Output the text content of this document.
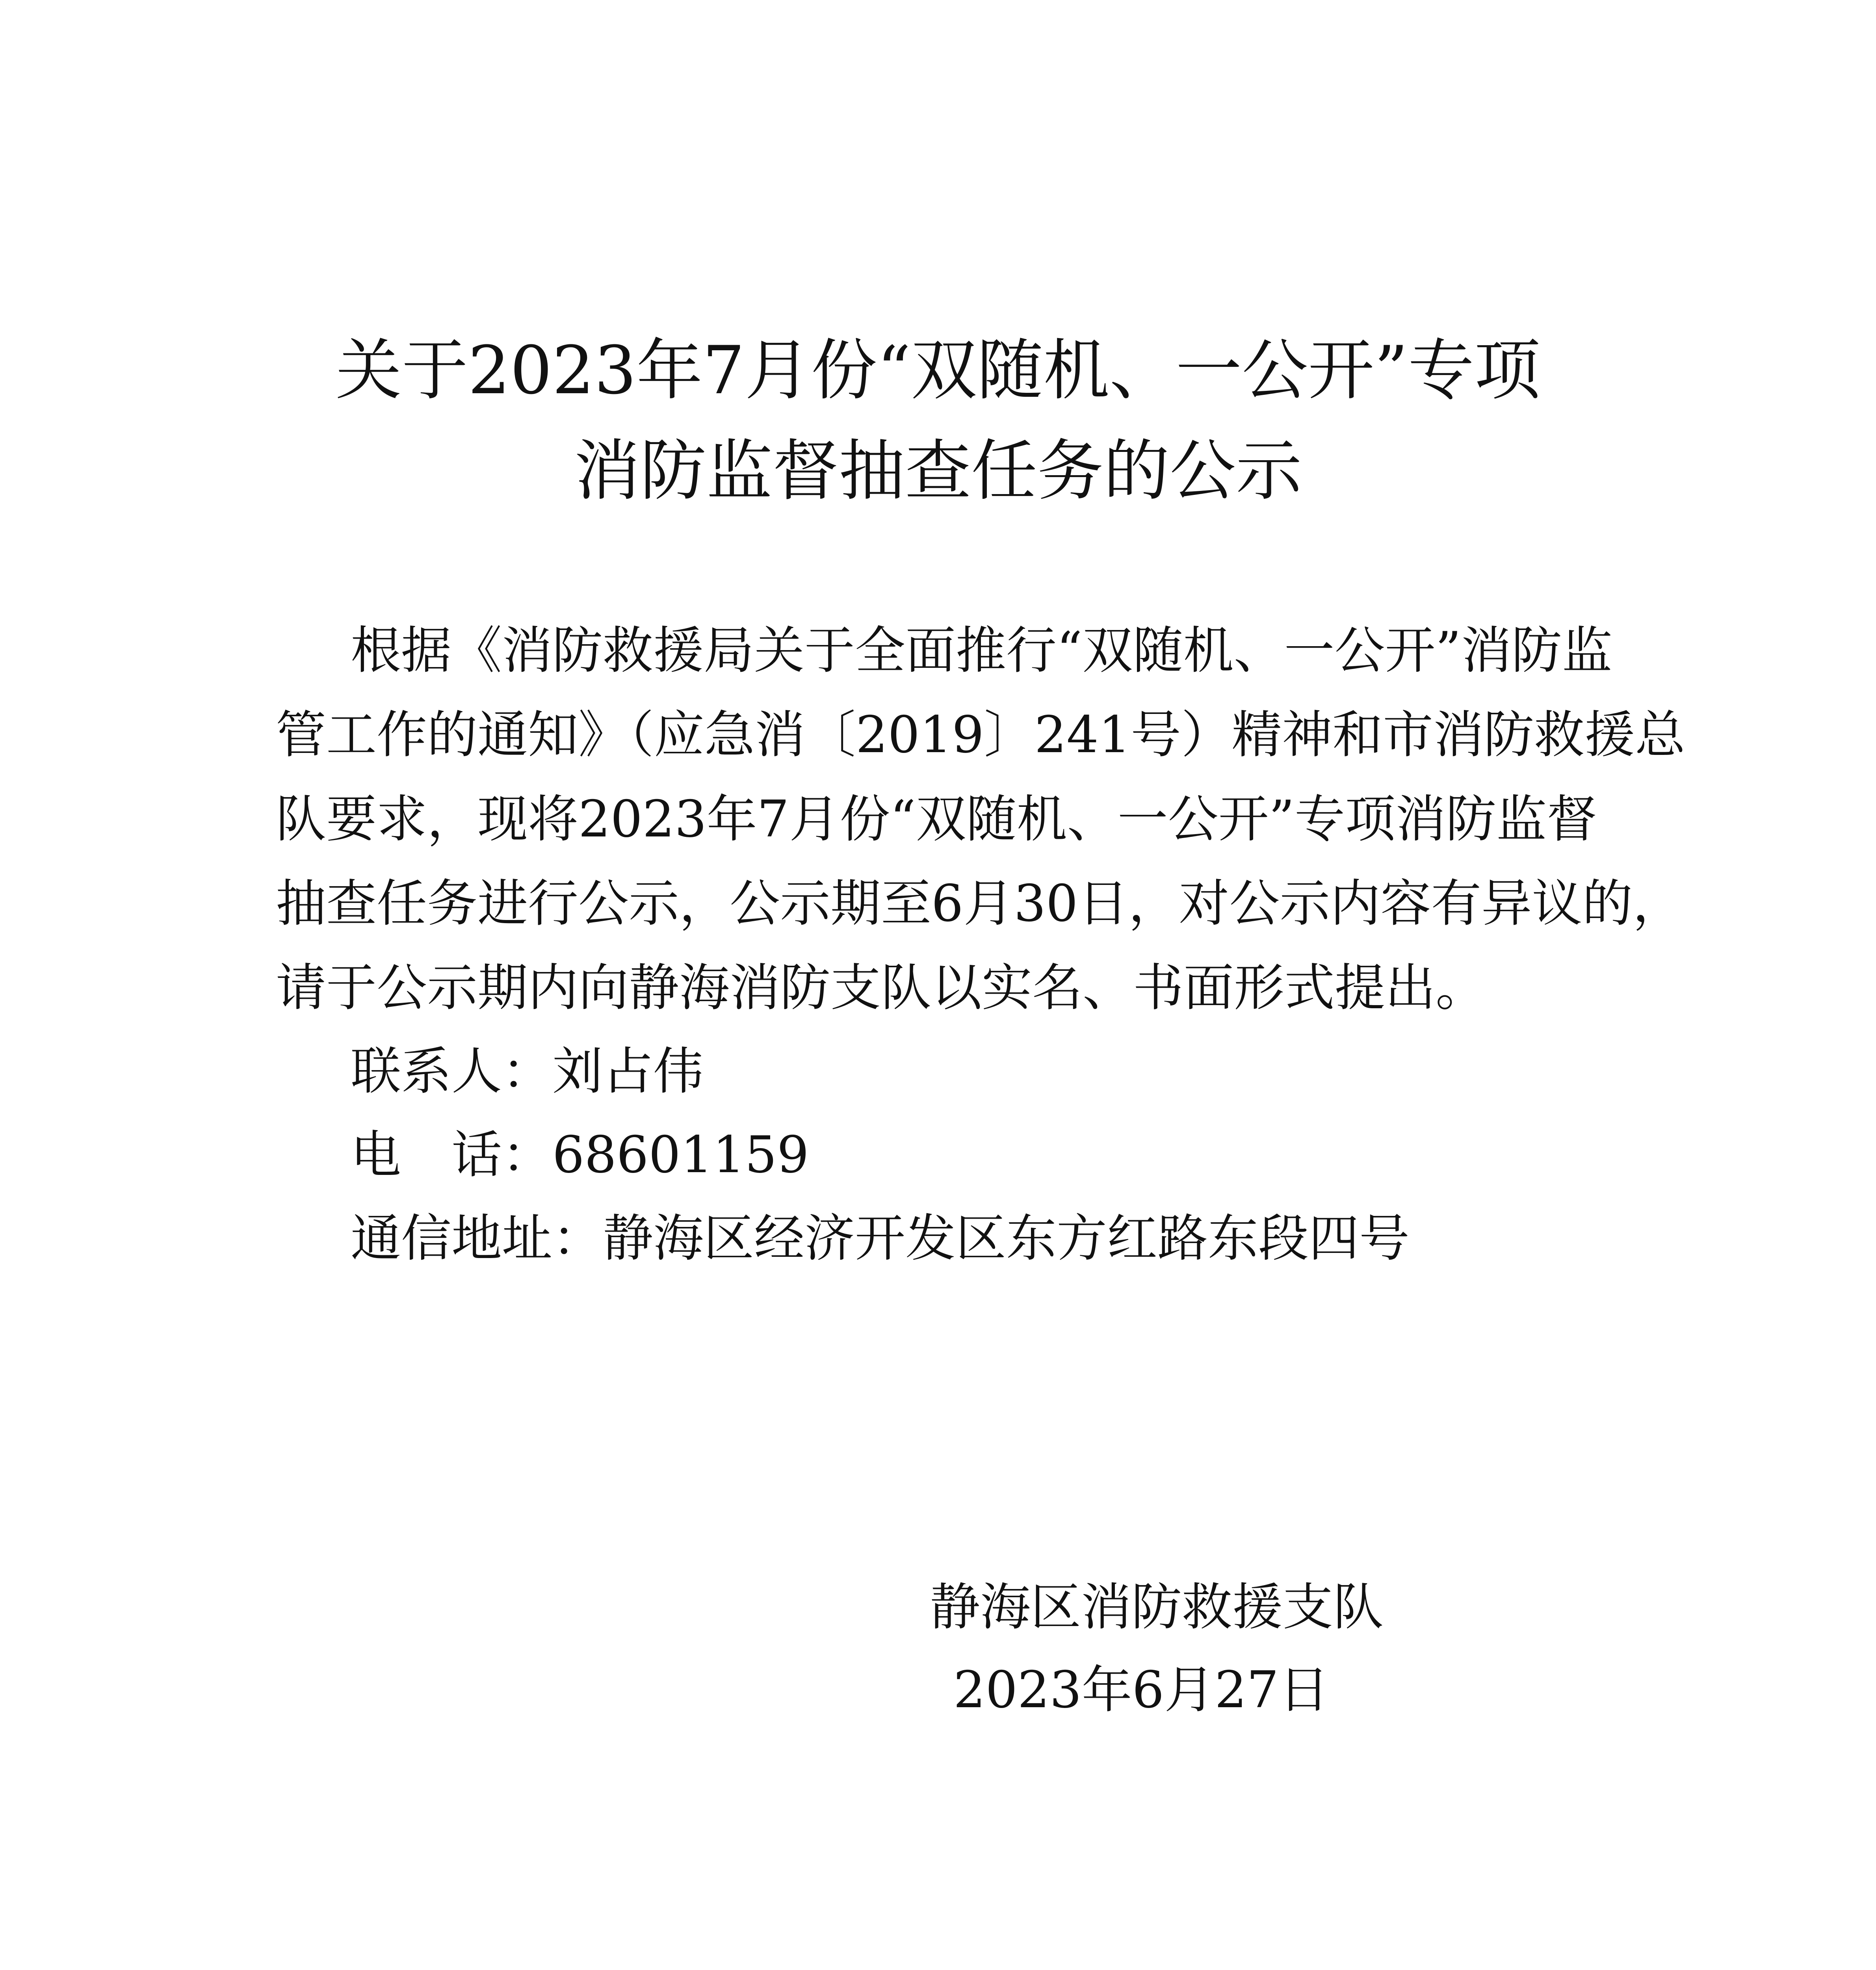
关于2023年7月份“双随机、一公开”专项
消防监督抽查任务的公示
根据《消防救援局关于全面推行“双随机、一公开”消防监
管工作的通知》（应急消〔2019〕241号）精神和市消防救援总
队要求，现将2023年7月份“双随机、一公开”专项消防监督
抽查任务进行公示，公示期至6月30日，对公示内容有异议的，
请于公示期内向静海消防支队以实名、书面形式提出。
联系人：刘占伟
电　话：68601159
通信地址：静海区经济开发区东方红路东段四号
静海区消防救援支队
2023年6月27日
